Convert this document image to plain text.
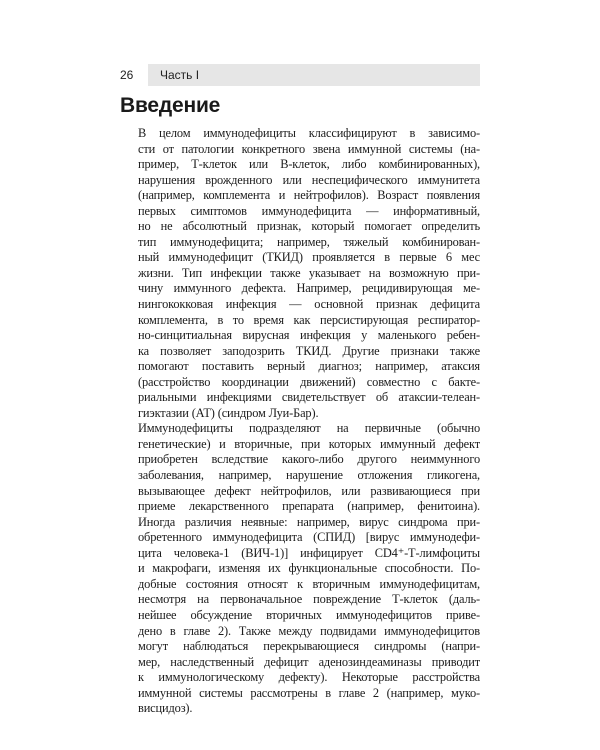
26	Часть I
Введение
В целом иммунодефициты классифицируют в зависимо-
сти от патологии конкретного звена иммунной системы (на-
пример, Т-клеток или В-клеток, либо комбинированных),
нарушения врожденного или неспецифического иммунитета
(например, комплемента и нейтрофилов). Возраст появления
первых симптомов иммунодефицита — информативный,
но не абсолютный признак, который помогает определить
тип иммунодефицита; например, тяжелый комбинирован-
ный иммунодефицит (ТКИД) проявляется в первые 6 мес
жизни. Тип инфекции также указывает на возможную при-
чину иммунного дефекта. Например, рецидивирующая ме-
нингококковая инфекция — основной признак дефицита
комплемента, в то время как персистирующая респиратор-
но-синцитиальная вирусная инфекция у маленького ребен-
ка позволяет заподозрить ТКИД. Другие признаки также
помогают поставить верный диагноз; например, атаксия
(расстройство координации движений) совместно с бакте-
риальными инфекциями свидетельствует об атаксии-телеан-
гиэктазии (АТ) (синдром Луи-Бар).
Иммунодефициты подразделяют на первичные (обычно
генетические) и вторичные, при которых иммунный дефект
приобретен вследствие какого-либо другого неиммунного
заболевания, например, нарушение отложения гликогена,
вызывающее дефект нейтрофилов, или развивающиеся при
приеме лекарственного препарата (например, фенитоина).
Иногда различия неявные: например, вирус синдрома при-
обретенного иммунодефицита (СПИД) [вирус иммунодефи-
цита человека-1 (ВИЧ-1)] инфицирует CD4⁺-Т-лимфоциты
и макрофаги, изменяя их функциональные способности. По-
добные состояния относят к вторичным иммунодефицитам,
несмотря на первоначальное повреждение Т-клеток (даль-
нейшее обсуждение вторичных иммунодефицитов приве-
дено в главе 2). Также между подвидами иммунодефицитов
могут наблюдаться перекрывающиеся синдромы (напри-
мер, наследственный дефицит аденозиндеаминазы приводит
к иммунологическому дефекту). Некоторые расстройства
иммунной системы рассмотрены в главе 2 (например, муко-
висцидоз).
